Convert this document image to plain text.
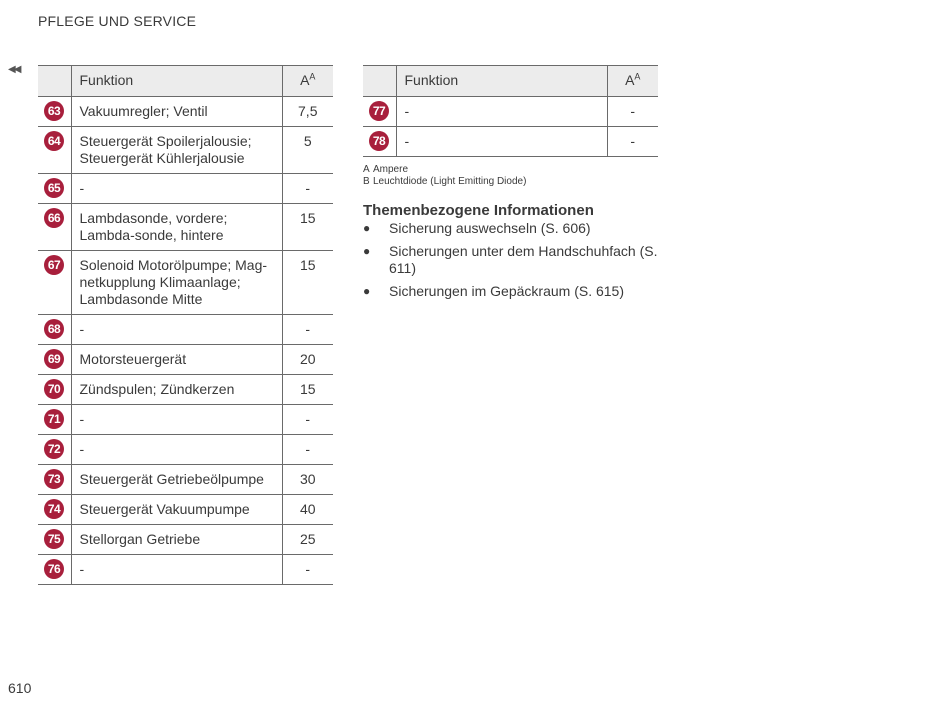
PFLEGE UND SERVICE
◀◀
	Funktion	$A^A$
63	Vakuumregler; Ventil	7,5
64	Steuergerät Spoilerjalousie; Steuergerät Kühlerjalousie	5
65	-	-
66	Lambdasonde, vordere; Lambda-sonde, hintere	15
67	Solenoid Motorölpumpe; Mag-netkupplung Klimaanlage; Lambdasonde Mitte	15
68	-	-
69	Motorsteuergerät	20
70	Zündspulen; Zündkerzen	15
71	-	-
72	-	-
73	Steuergerät Getriebeölpumpe	30
74	Steuergerät Vakuumpumpe	40
75	Stellorgan Getriebe	25
76	-	-
	Funktion	$A^A$
77	-	-
78	-	-
A Ampere
B Leuchtdiode (Light Emitting Diode)
Themenbezogene Informationen
● Sicherung auswechseln (S. 606)
● Sicherungen unter dem Handschuhfach (S. 611)
● Sicherungen im Gepäckraum (S. 615)
610
